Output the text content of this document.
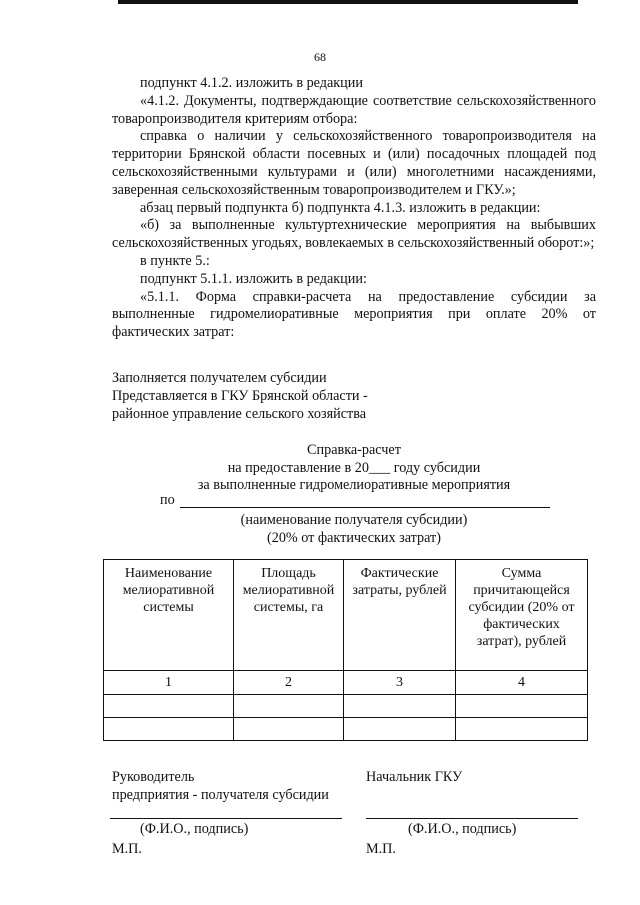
68

подпункт 4.1.2. изложить в редакции

«4.1.2. Документы, подтверждающие соответствие сельскохозяйственного товаропроизводителя критериям отбора:

справка о наличии у сельскохозяйственного товаропроизводителя на территории Брянской области посевных и (или) посадочных площадей под сельскохозяйственными культурами и (или) многолетними насаждениями, заверенная сельскохозяйственным товаропроизводителем и ГКУ.»;

абзац первый подпункта б) подпункта 4.1.3. изложить в редакции:

«б) за выполненные культуртехнические мероприятия на выбывших сельскохозяйственных угодьях, вовлекаемых в сельскохозяйственный оборот:»;

в пункте 5.:

подпункт 5.1.1. изложить в редакции:

«5.1.1. Форма справки-расчета на предоставление субсидии за выполненные гидромелиоративные мероприятия при оплате 20% от фактических затрат:

Заполняется получателем субсидии
Представляется в ГКУ Брянской области -
районное управление сельского хозяйства
Справка-расчет
на предоставление в 20___ году субсидии
за выполненные гидромелиоративные мероприятия
по
(наименование получателя субсидии)
(20% от фактических затрат)
Наименование мелиоративной системы	Площадь мелиоративной системы, га	Фактические затраты, рублей	Сумма причитающейся субсидии (20% от фактических затрат), рублей
1	2	3	4

Руководитель
предприятия - получателя субсидии
Начальник ГКУ
(Ф.И.О., подпись)	(Ф.И.О., подпись)
М.П.	М.П.
